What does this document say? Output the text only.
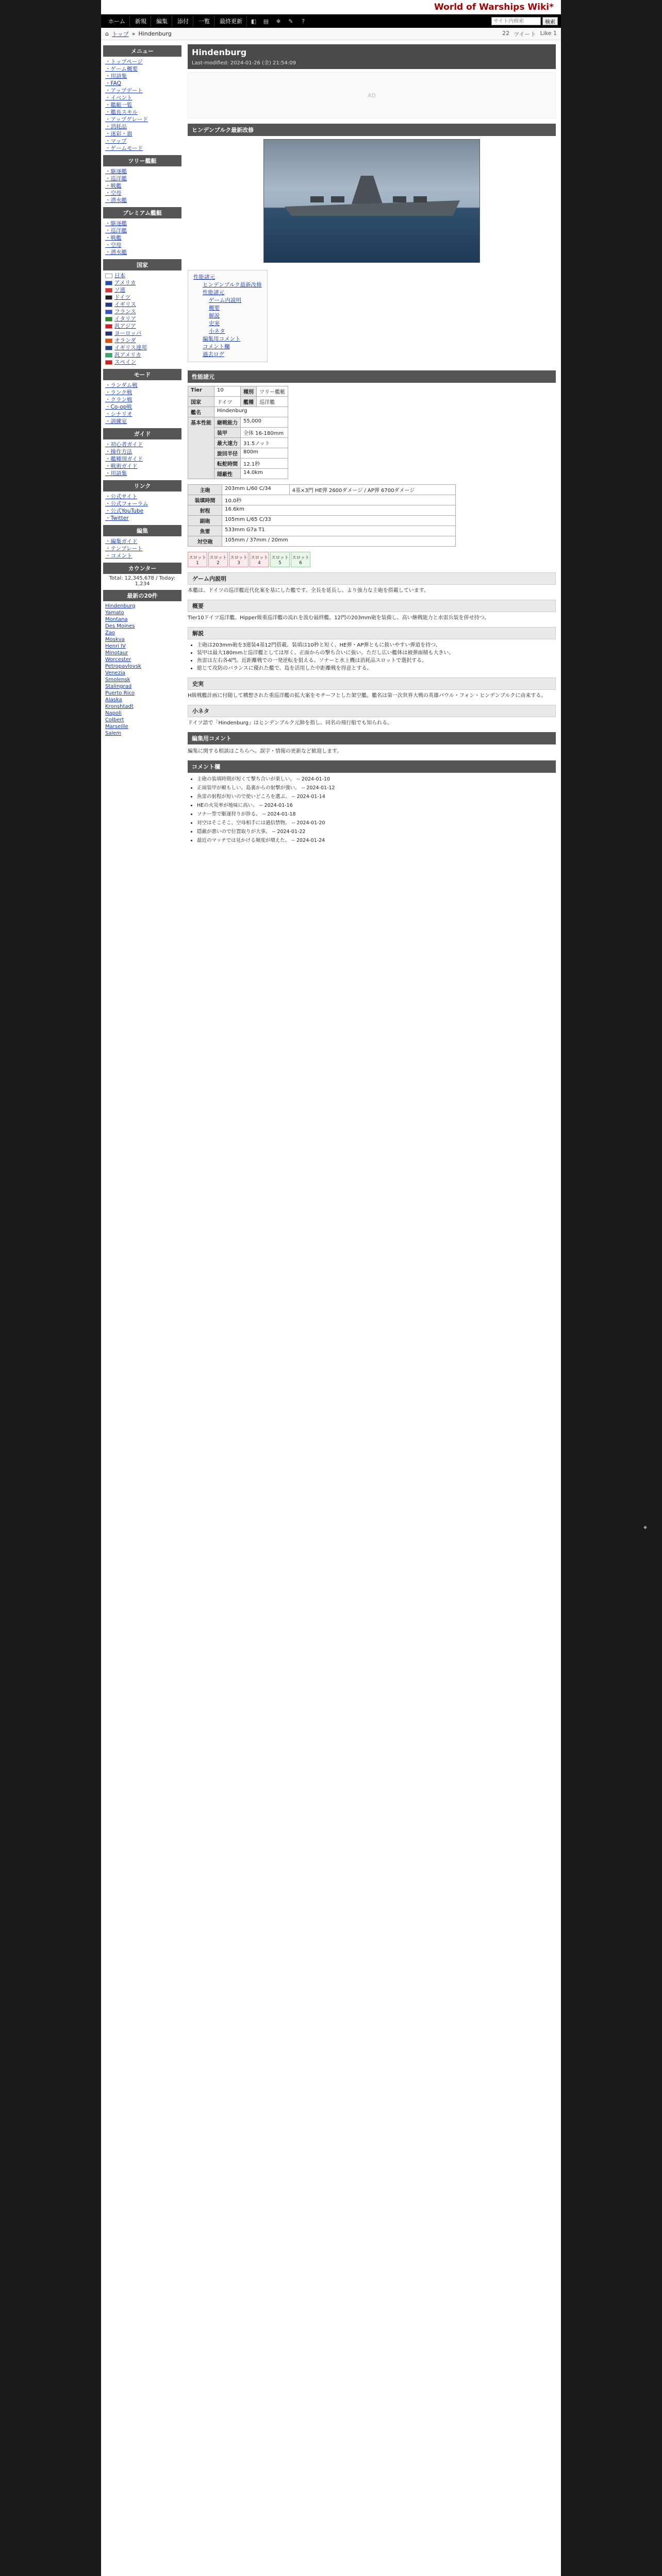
World of Warships Wiki*
ホーム	新規	編集	添付	一覧	最終更新	◧ ▤ ❄ ✎	?
サイト内検索	検索
⌂ トップ » Hindenburg	22 ツイート Like 1
メニュー
・ トップページ
・ ゲーム概要
・ 用語集
・ FAQ
・ アップデート
・ イベント
・ 艦艇一覧
・ 艦長スキル
・ アップグレード
・ 消耗品
・ 迷彩・旗
・ マップ
・ ゲームモード
ツリー艦艇
・ 駆逐艦
・ 巡洋艦
・ 戦艦
・ 空母
・ 潜水艦
プレミアム艦艇
・ 駆逐艦
・ 巡洋艦
・ 戦艦
・ 空母
・ 潜水艦
国家
日本
アメリカ
ソ連
ドイツ
イギリス
フランス
イタリア
汎アジア
ヨーロッパ
オランダ
イギリス連邦
汎アメリカ
スペイン
モード
・ ランダム戦
・ ランク戦
・ クラン戦
・ Co-op戦
・ シナリオ
・ 訓練室
ガイド
・ 初心者ガイド
・ 操作方法
・ 艦種別ガイド
・ 戦術ガイド
・ 用語集
リンク
・ 公式サイト
・ 公式フォーラム
・ 公式YouTube
・ Twitter
編集
・ 編集ガイド
・ テンプレート
・ コメント
カウンター
Total: 12,345,678 / Today: 1,234
最新の20件
Hindenburg
Yamato
Montana
Des Moines
Zao
Moskva
Henri IV
Minotaur
Worcester
Petropavlovsk
Venezia
Smolensk
Stalingrad
Puerto Rico
Alaska
Kronshtadt
Napoli
Colbert
Marseille
Salem
Hindenburg
Last-modified: 2024-01-26 (金) 21:54:09
AD
ヒンデンブルク最新改修
性能諸元
ヒンデンブルク最新改修
性能諸元
ゲーム内説明
概要
解説
史実
小ネタ
編集用コメント
コメント欄
過去ログ
性能諸元
Tier	10	種別	ツリー艦艇
国家	ドイツ	艦種	巡洋艦
艦名	Hindenburg		
基本性能	継戦能力	55,000	
	装甲	全体 16-180mm	
	最大速力	31.5ノット	
	旋回半径	800m	
	転舵時間	12.1秒	
	隠蔽性	14.0km	
主砲	203mm L/60 C/34	4基×3門 HE弾 2600ダメージ / AP弾 6700ダメージ
装填時間	10.0秒	
射程	16.6km	
副砲	105mm L/65 C/33	
魚雷	533mm G7a T1	
対空砲	105mm / 37mm / 20mm	
スロット1
スロット2
スロット3
スロット4
スロット5
スロット6
ゲーム内説明

本艦は、ドイツの巡洋艦近代化案を基にした艦です。全長を延長し、より強力な主砲を搭載しています。

概要

Tier10ドイツ巡洋艦。Hipper級重巡洋艦の流れを汲む最終艦。12門の203mm砲を装備し、高い継戦能力と水雷兵装を併せ持つ。

解説
• 主砲は203mm砲を3連装4基12門搭載。装填は10秒と短く、HE弾・AP弾ともに扱いやすい弾道を持つ。
• 装甲は最大180mmと巡洋艦としては厚く、正面からの撃ち合いに強い。ただし広い艦体は被弾面積も大きい。
• 魚雷は左右各4門。近距離戦での一発逆転を狙える。ソナーと水上機は消耗品スロットで選択する。
• 総じて攻防のバランスに優れた艦で、島を活用した中距離戦を得意とする。
史実

H級戦艦計画に付随して構想された重巡洋艦の拡大案をモチーフとした架空艦。艦名は第一次世界大戦の英雄パウル・フォン・ヒンデンブルクに由来する。

小ネタ

ドイツ語で「Hindenburg」はヒンデンブルク元帥を指し、同名の飛行船でも知られる。

編集用コメント

編集に関する相談はこちらへ。誤字・情報の更新など歓迎します。

コメント欄
• 主砲の装填時間が短くて撃ち合いが楽しい。 -- 2024-01-10
• 正面装甲が頼もしい。島裏からの射撃が強い。 -- 2024-01-12
• 魚雷の射程が短いので使いどころを選ぶ。 -- 2024-01-14
• HEの火災率が地味に高い。 -- 2024-01-16
• ソナー型で駆逐狩りが捗る。 -- 2024-01-18
• 対空はそこそこ、空母相手には過信禁物。 -- 2024-01-20
• 隠蔽が悪いので位置取りが大事。 -- 2024-01-22
• 最近のマッチでは見かける頻度が増えた。 -- 2024-01-24
◆
